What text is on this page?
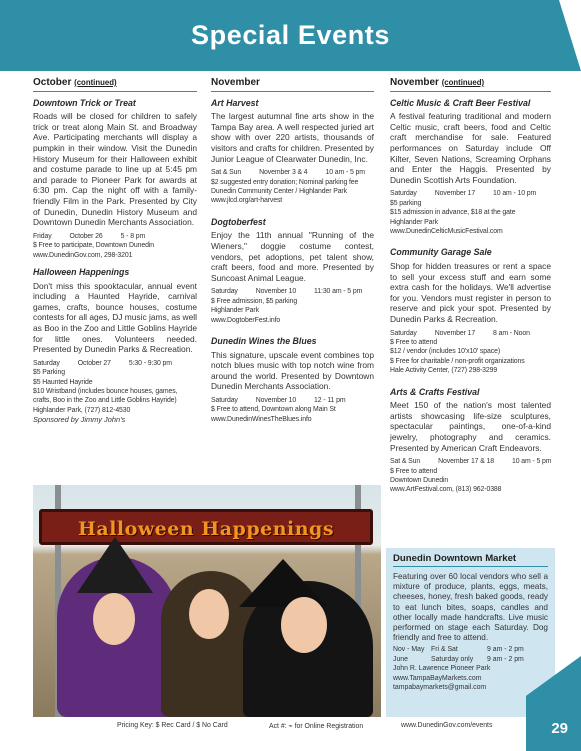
Special Events
October (continued)
Downtown Trick or Treat
Roads will be closed for children to safely trick or treat along Main St. and Broadway Ave. Participating merchants will display a pumpkin in their window. Visit the Dunedin History Museum for their Halloween exhibit and costume parade to line up at 5:45 pm and parade to Pioneer Park for awards at 6:30 pm. Cap the night off with a family-friendly Film in the Park. Presented by City of Dunedin, Dunedin History Museum and Downtown Dunedin Merchants Association.
Friday	October 26	5 - 8 pm
$ Free to participate, Downtown Dunedin
www.DunedinGov.com, 298-3201
Halloween Happenings
Don't miss this spooktacular, annual event including a Haunted Hayride, carnival games, crafts, bounce houses, costume contests for all ages, DJ music jams, as well as Boo in the Zoo and Little Goblins Hayride for little ones. Volunteers needed. Presented by Dunedin Parks & Recreation.
Saturday	October 27	5:30 - 9:30 pm
$5 Parking
$5 Haunted Hayride
$10 Wristband (includes bounce houses, games,
crafts, Boo in the Zoo and Little Goblins Hayride)
Highlander Park, (727) 812-4530
Sponsored by Jimmy John's
November
Art Harvest
The largest autumnal fine arts show in the Tampa Bay area. A well respected juried art show with over 220 artists, thousands of visitors and crafts for children. Presented by Junior League of Clearwater Dunedin, Inc.
Sat & Sun	November 3 & 4	10 am - 5 pm
$2 suggested entry donation; Nominal parking fee
Dunedin Community Center / Highlander Park
www.jlcd.org/art-harvest
Dogtoberfest
Enjoy the 11th annual "Running of the Wieners," doggie costume contest, vendors, pet adoptions, pet talent show, craft beers, food and more. Presented by Suncoast Animal League.
Saturday	November 10	11:30 am - 5 pm
$ Free admission, $5 parking
Highlander Park
www.DogtoberFest.info
Dunedin Wines the Blues
This signature, upscale event combines top notch blues music with top notch wine from around the world. Presented by Downtown Dunedin Merchants Association.
Saturday	November 10	12 - 11 pm
$ Free to attend, Downtown along Main St
www.DunedinWinesTheBlues.info
November (continued)
Celtic Music & Craft Beer Festival
A festival featuring traditional and modern Celtic music, craft beers, food and Celtic craft merchandise for sale. Featured performances on Saturday include Off Kilter, Seven Nations, Screaming Orphans and Enter the Haggis. Presented by Dunedin Scottish Arts Foundation.
Saturday	November 17	10 am - 10 pm
$5 parking
$15 admission in advance, $18 at the gate
Highlander Park
www.DunedinCelticMusicFestival.com
Community Garage Sale
Shop for hidden treasures or rent a space to sell your excess stuff and earn some extra cash for the holidays. We'll advertise for you. Vendors must register in person to reserve and pick your spot. Presented by Dunedin Parks & Recreation.
Saturday	November 17	8 am - Noon
$ Free to attend
$12 / vendor (includes 10'x10' space)
$ Free for charitable / non-profit organizations
Hale Activity Center, (727) 298-3299
Arts & Crafts Festival
Meet 150 of the nation's most talented artists showcasing life-size sculptures, spectacular paintings, one-of-a-kind jewelry, photography and ceramics. Presented by American Craft Endeavors.
Sat & Sun	November 17 & 18	10 am - 5 pm
$ Free to attend
Downtown Dunedin
www.ArtFestival.com, (813) 962-0388
Halloween Happenings
Dunedin Downtown Market
Featuring over 60 local vendors who sell a mixture of produce, plants, eggs, meats, cheeses, honey, fresh baked goods, ready to eat lunch bites, soaps, candles and other locally made handcrafts. Live music performed on stage each Saturday. Dog friendly and free to attend.
Nov - May Fri & Sat	9 am - 2 pm
June	Saturday only 9 am - 2 pm
John R. Lawrence Pioneer Park
www.TampaBayMarkets.com
tampabaymarkets@gmail.com
Pricing Key: $ Rec Card / $ No Card	Act #: ⌁ for Online Registration	www.DunedinGov.com/events	29
